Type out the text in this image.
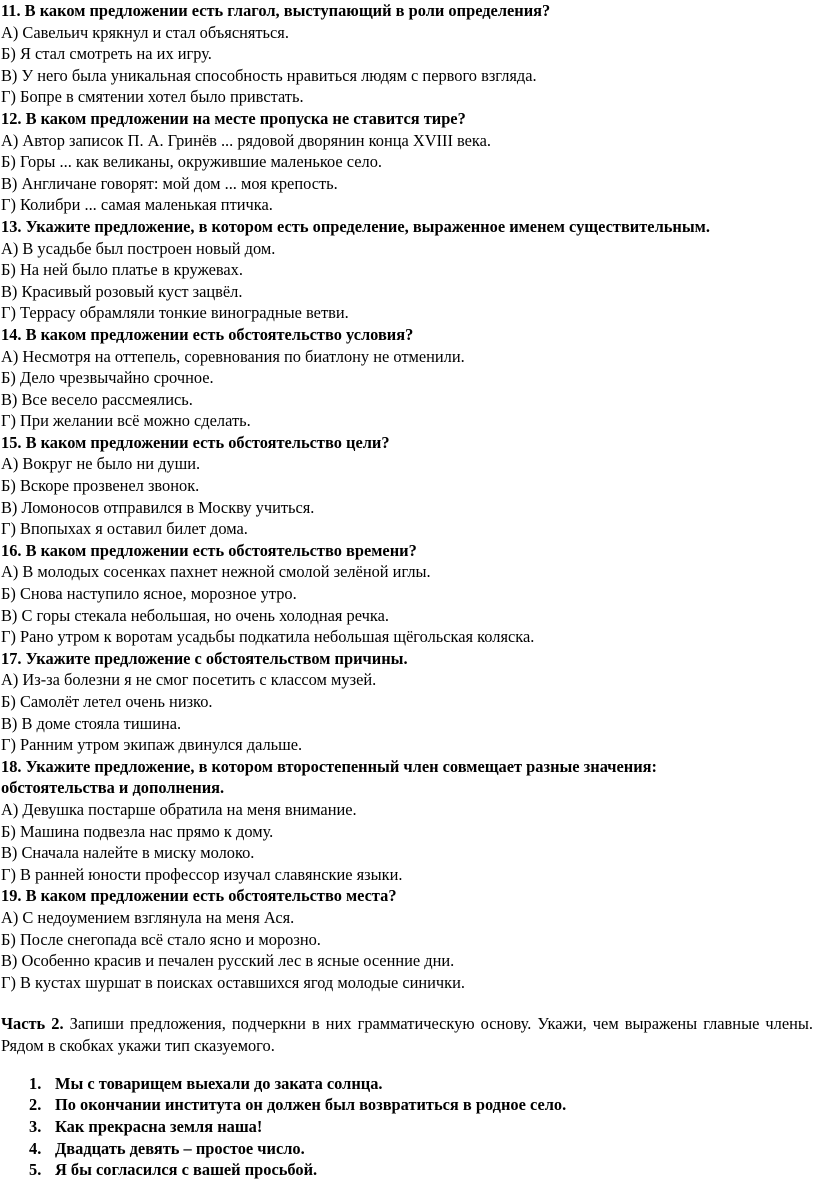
11. В каком предложении есть глагол, выступающий в роли определения?

А) Савельич крякнул и стал объясняться.

Б) Я стал смотреть на их игру.

В) У него была уникальная способность нравиться людям с первого взгляда.

Г) Бопре в смятении хотел было привстать.

12. В каком предложении на месте пропуска не ставится тире?

А) Автор записок П. А. Гринёв ... рядовой дворянин конца XVIII века.

Б) Горы ... как великаны, окружившие маленькое село.

В) Англичане говорят: мой дом ... моя крепость.

Г) Колибри ... самая маленькая птичка.

13. Укажите предложение, в котором есть определение, выраженное именем существительным.

А) В усадьбе был построен новый дом.

Б) На ней было платье в кружевах.

В) Красивый розовый куст зацвёл.

Г) Террасу обрамляли тонкие виноградные ветви.

14. В каком предложении есть обстоятельство условия?

А) Несмотря на оттепель, соревнования по биатлону не отменили.

Б) Дело чрезвычайно срочное.

В) Все весело рассмеялись.

Г) При желании всё можно сделать.

15. В каком предложении есть обстоятельство цели?

А) Вокруг не было ни души.

Б) Вскоре прозвенел звонок.

В) Ломоносов отправился в Москву учиться.

Г) Впопыхах я оставил билет дома.

16. В каком предложении есть обстоятельство времени?

А) В молодых сосенках пахнет нежной смолой зелёной иглы.

Б) Снова наступило ясное, морозное утро.

В) С горы стекала небольшая, но очень холодная речка.

Г) Рано утром к воротам усадьбы подкатила небольшая щёгольская коляска.

17. Укажите предложение с обстоятельством причины.

А) Из-за болезни я не смог посетить с классом музей.

Б) Самолёт летел очень низко.

В) В доме стояла тишина.

Г) Ранним утром экипаж двинулся дальше.

18. Укажите предложение, в котором второстепенный член совмещает разные значения:

обстоятельства и дополнения.

А) Девушка постарше обратила на меня внимание.

Б) Машина подвезла нас прямо к дому.

В) Сначала налейте в миску молоко.

Г) В ранней юности профессор изучал славянские языки.

19. В каком предложении есть обстоятельство места?

А) С недоумением взглянула на меня Ася.

Б) После снегопада всё стало ясно и морозно.

В) Особенно красив и печален русский лес в ясные осенние дни.

Г) В кустах шуршат в поисках оставшихся ягод молодые синички.

Часть 2. Запиши предложения, подчеркни в них грамматическую основу. Укажи, чем выражены главные члены. Рядом в скобках укажи тип сказуемого.

1. Мы с товарищем выехали до заката солнца.
2. По окончании института он должен был возвратиться в родное село.
3. Как прекрасна земля наша!
4. Двадцать девять – простое число.
5. Я бы согласился с вашей просьбой.
